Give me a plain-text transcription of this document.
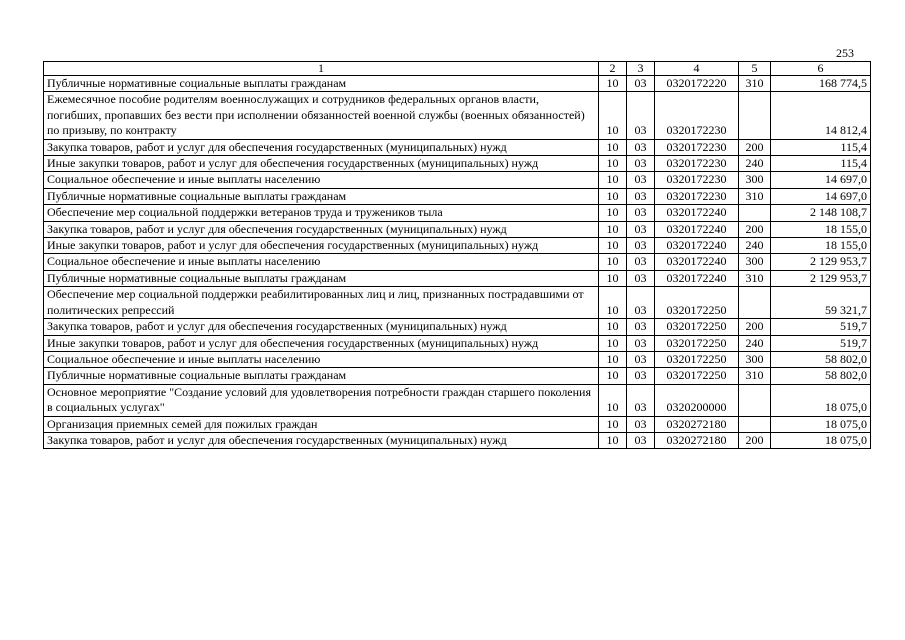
253
1	2	3	4	5	6
Публичные нормативные социальные выплаты гражданам	10	03	0320172220	310	168 774,5
Ежемесячное пособие родителям военнослужащих и сотрудников федеральных органов власти, погибших, пропавших без вести при исполнении обязанностей военной службы (военных обязанностей) по призыву, по контракту	10	03	0320172230		14 812,4
Закупка товаров, работ и услуг для обеспечения государственных (муниципальных) нужд	10	03	0320172230	200	115,4
Иные закупки товаров, работ и услуг для обеспечения государственных (муниципальных) нужд	10	03	0320172230	240	115,4
Социальное обеспечение и иные выплаты населению	10	03	0320172230	300	14 697,0
Публичные нормативные социальные выплаты гражданам	10	03	0320172230	310	14 697,0
Обеспечение мер социальной поддержки ветеранов труда и тружеников тыла	10	03	0320172240		2 148 108,7
Закупка товаров, работ и услуг для обеспечения государственных (муниципальных) нужд	10	03	0320172240	200	18 155,0
Иные закупки товаров, работ и услуг для обеспечения государственных (муниципальных) нужд	10	03	0320172240	240	18 155,0
Социальное обеспечение и иные выплаты населению	10	03	0320172240	300	2 129 953,7
Публичные нормативные социальные выплаты гражданам	10	03	0320172240	310	2 129 953,7
Обеспечение мер социальной поддержки реабилитированных лиц и лиц, признанных пострадавшими от политических репрессий	10	03	0320172250		59 321,7
Закупка товаров, работ и услуг для обеспечения государственных (муниципальных) нужд	10	03	0320172250	200	519,7
Иные закупки товаров, работ и услуг для обеспечения государственных (муниципальных) нужд	10	03	0320172250	240	519,7
Социальное обеспечение и иные выплаты населению	10	03	0320172250	300	58 802,0
Публичные нормативные социальные выплаты гражданам	10	03	0320172250	310	58 802,0
Основное мероприятие "Создание условий для удовлетворения потребности граждан старшего поколения в социальных услугах"	10	03	0320200000		18 075,0
Организация приемных семей для пожилых граждан	10	03	0320272180		18 075,0
Закупка товаров, работ и услуг для обеспечения государственных (муниципальных) нужд	10	03	0320272180	200	18 075,0
